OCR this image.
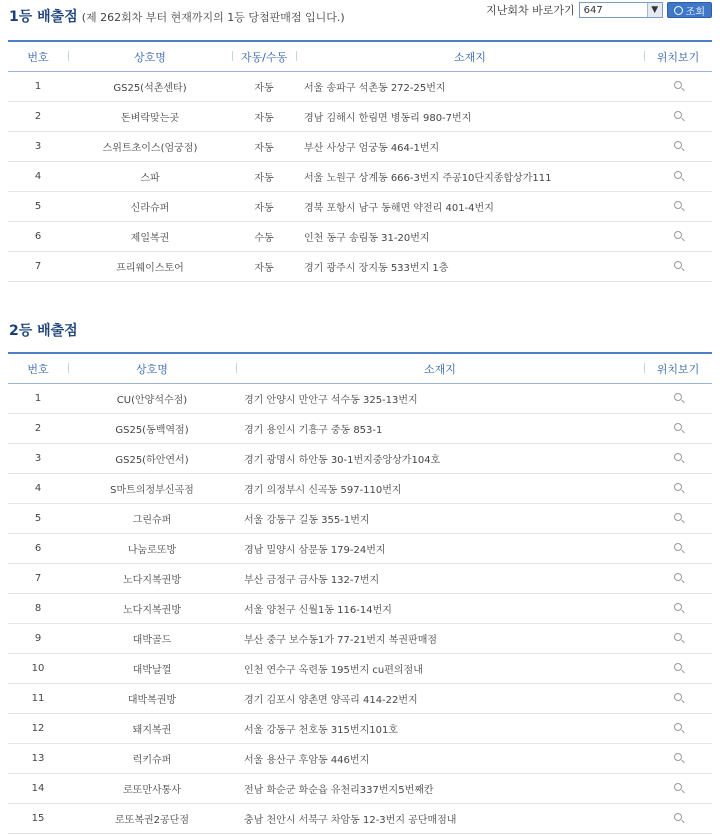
1등 배출점 (제 262회차 부터 현재까지의 1등 당첨판매점 입니다.)
지난회차 바로가기 647	▼	조회
번호	상호명	자동/수동	소재지	위치보기
1	GS25(석촌센타)	자동	서울 송파구 석촌동 272-25번지	
2	돈벼락맞는곳	자동	경남 김해시 한림면 병동리 980-7번지	
3	스위트초이스(엄궁점)	자동	부산 사상구 엄궁동 464-1번지	
4	스파	자동	서울 노원구 상계동 666-3번지 주공10단지종합상가111	
5	신라슈퍼	자동	경북 포항시 남구 동해면 약전리 401-4번지	
6	제일복권	수동	인천 동구 송림동 31-20번지	
7	프리웨이스토어	자동	경기 광주시 장지동 533번지 1층	
2등 배출점
번호	상호명	소재지	위치보기
1	CU(안양석수점)	경기 안양시 만안구 석수동 325-13번지	
2	GS25(동백역점)	경기 용인시 기흥구 중동 853-1	
3	GS25(하안연서)	경기 광명시 하안동 30-1번지중앙상가104호	
4	S마트의정부신곡점	경기 의정부시 신곡동 597-110번지	
5	그린슈퍼	서울 강동구 길동 355-1번지	
6	나눔로또방	경남 밀양시 삼문동 179-24번지	
7	노다지복권방	부산 금정구 금사동 132-7번지	
8	노다지복권방	서울 양천구 신월1동 116-14번지	
9	대박골드	부산 중구 보수동1가 77-21번지 복권판매점	
10	대박날껄	인천 연수구 옥련동 195번지 cu편의점내	
11	대박복권방	경기 김포시 양촌면 양곡리 414-22번지	
12	돼지복권	서울 강동구 천호동 315번지101호	
13	럭키슈퍼	서울 용산구 후암동 446번지	
14	로또만사통사	전남 화순군 화순읍 유천리337번지5번째칸	
15	로또복권2공단점	충남 천안시 서북구 차암동 12-3번지 공단매점내	
